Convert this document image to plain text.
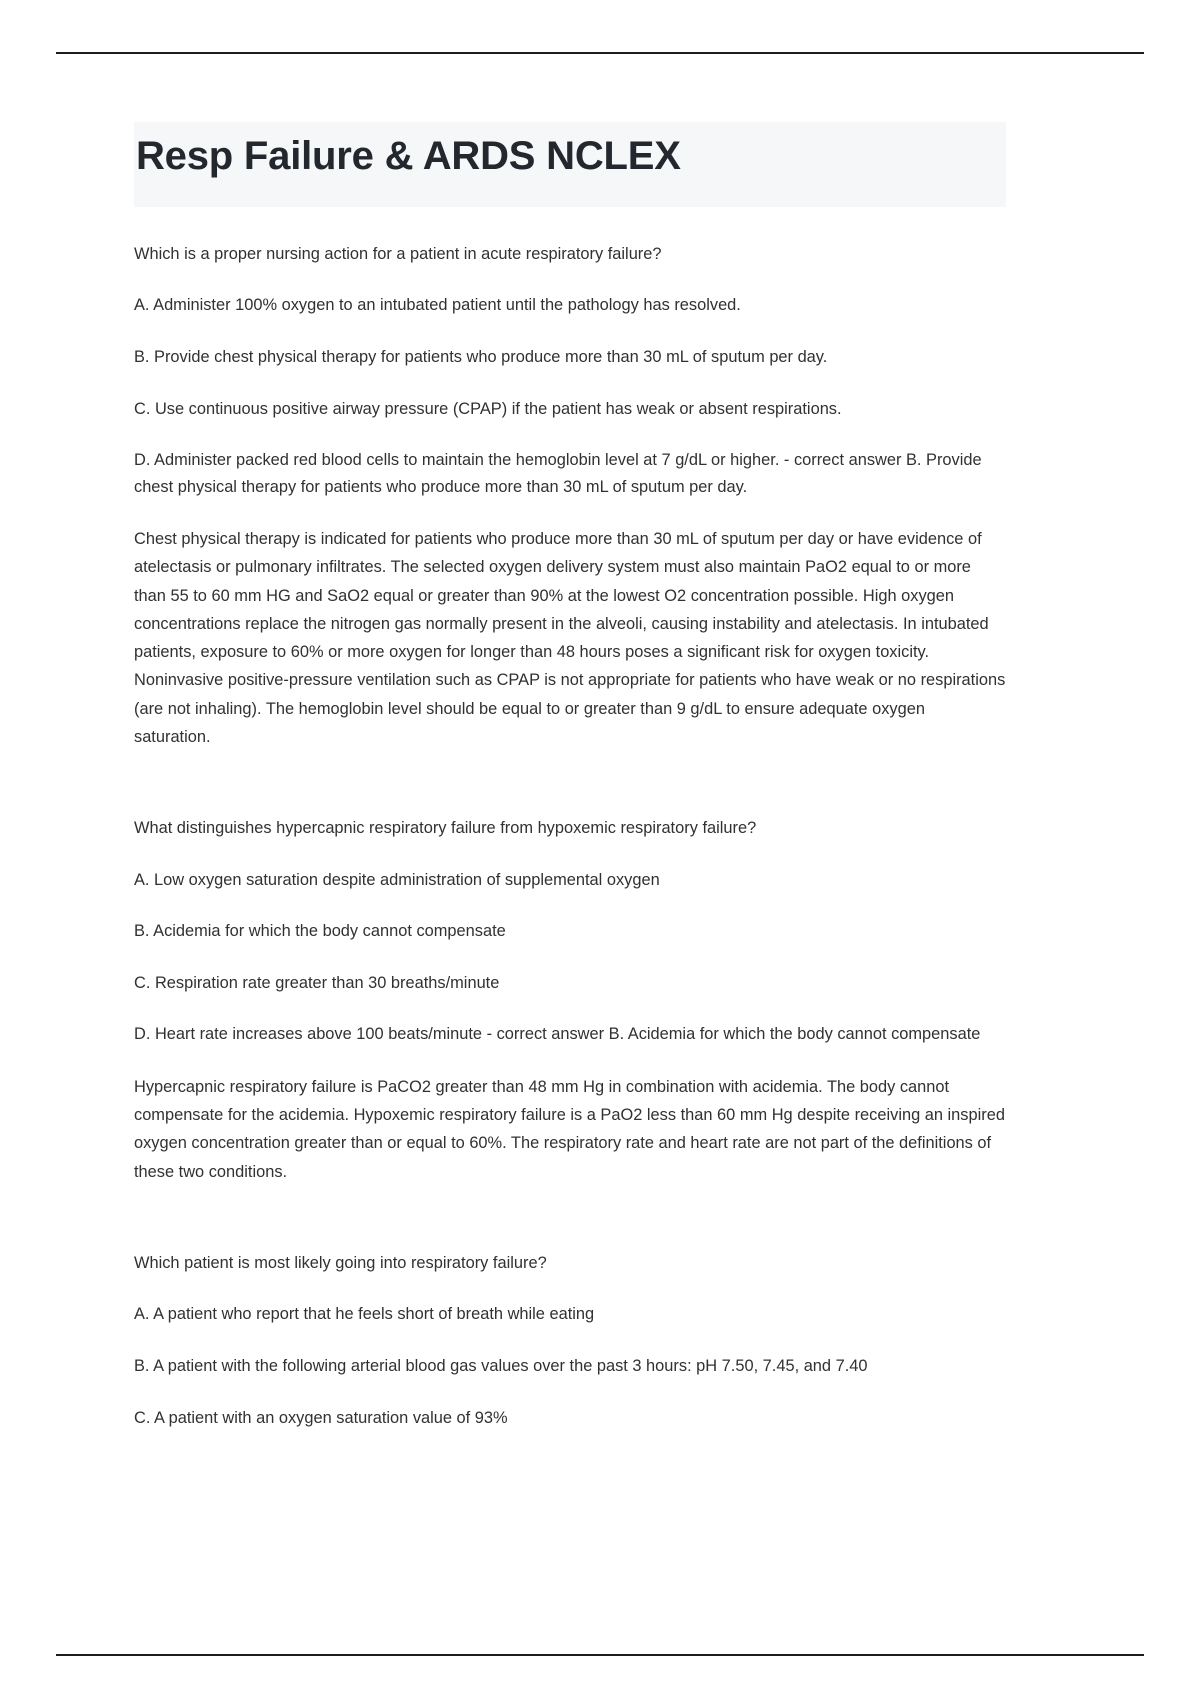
Resp Failure & ARDS NCLEX

Which is a proper nursing action for a patient in acute respiratory failure?

A. Administer 100% oxygen to an intubated patient until the pathology has resolved.

B. Provide chest physical therapy for patients who produce more than 30 mL of sputum per day.

C. Use continuous positive airway pressure (CPAP) if the patient has weak or absent respirations.

D. Administer packed red blood cells to maintain the hemoglobin level at 7 g/dL or higher. - correct answer B. Provide chest physical therapy for patients who produce more than 30 mL of sputum per day.

Chest physical therapy is indicated for patients who produce more than 30 mL of sputum per day or have evidence of atelectasis or pulmonary infiltrates. The selected oxygen delivery system must also maintain PaO2 equal to or more than 55 to 60 mm HG and SaO2 equal or greater than 90% at the lowest O2 concentration possible. High oxygen concentrations replace the nitrogen gas normally present in the alveoli, causing instability and atelectasis. In intubated patients, exposure to 60% or more oxygen for longer than 48 hours poses a significant risk for oxygen toxicity. Noninvasive positive-pressure ventilation such as CPAP is not appropriate for patients who have weak or no respirations (are not inhaling). The hemoglobin level should be equal to or greater than 9 g/dL to ensure adequate oxygen saturation.

What distinguishes hypercapnic respiratory failure from hypoxemic respiratory failure?

A. Low oxygen saturation despite administration of supplemental oxygen

B. Acidemia for which the body cannot compensate

C. Respiration rate greater than 30 breaths/minute

D. Heart rate increases above 100 beats/minute - correct answer B. Acidemia for which the body cannot compensate

Hypercapnic respiratory failure is PaCO2 greater than 48 mm Hg in combination with acidemia. The body cannot compensate for the acidemia. Hypoxemic respiratory failure is a PaO2 less than 60 mm Hg despite receiving an inspired oxygen concentration greater than or equal to 60%. The respiratory rate and heart rate are not part of the definitions of these two conditions.

Which patient is most likely going into respiratory failure?

A. A patient who report that he feels short of breath while eating

B. A patient with the following arterial blood gas values over the past 3 hours: pH 7.50, 7.45, and 7.40

C. A patient with an oxygen saturation value of 93%
